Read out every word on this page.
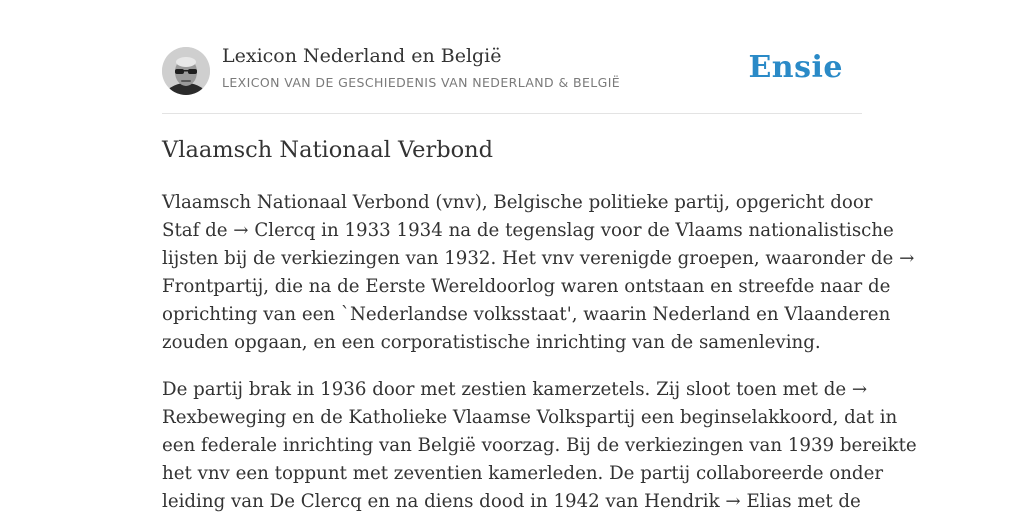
Lexicon Nederland en België
LEXICON VAN DE GESCHIEDENIS VAN NEDERLAND & BELGIË	Ensie
Vlaamsch Nationaal Verbond

Vlaamsch Nationaal Verbond (vnv), Belgische politieke partij, opgericht door
Staf de → Clercq in 1933 1934 na de tegenslag voor de Vlaams nationalistische
lijsten bij de verkiezingen van 1932. Het vnv verenigde groepen, waaronder de →
Frontpartij, die na de Eerste Wereldoorlog waren ontstaan en streefde naar de
oprichting van een `Nederlandse volksstaat', waarin Nederland en Vlaanderen
zouden opgaan, en een corporatistische inrichting van de samenleving.

De partij brak in 1936 door met zestien kamerzetels. Zij sloot toen met de →
Rexbeweging en de Katholieke Vlaamse Volkspartij een beginselakkoord, dat in
een federale inrichting van België voorzag. Bij de verkiezingen van 1939 bereikte
het vnv een toppunt met zeventien kamerleden. De partij collaboreerde onder
leiding van De Clercq en na diens dood in 1942 van Hendrik → Elias met de
